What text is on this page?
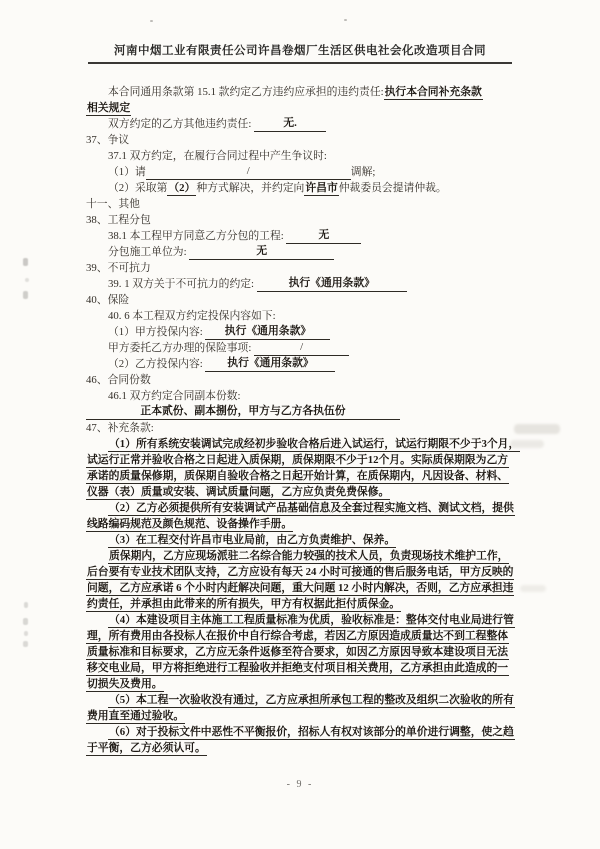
河南中烟工业有限责任公司许昌卷烟厂生活区供电社会化改造项目合同
本合同通用条款第 15.1 款约定乙方违约应承担的违约责任:执行本合同补充条款
相关规定
双方约定的乙方其他违约责任:	无.
37、争议
37.1 双方约定，在履行合同过程中产生争议时:
（1）请	/	调解;
（2）采取第（2）种方式解决，并约定向许昌市仲裁委员会提请仲裁。
十一、其他
38、工程分包
38.1 本工程甲方同意乙方分包的工程:	无
分包施工单位为:	无
39、不可抗力
39. 1 双方关于不可抗力的约定:	执行《通用条款》
40、保险
40. 6 本工程双方约定投保内容如下:
（1）甲方投保内容: 执行《通用条款》
甲方委托乙方办理的保险事项:	/
（2）乙方投保内容: 执行《通用条款》
46、合同份数
46.1 双方约定合同副本份数:
正本贰份、副本捌份，甲方与乙方各执伍份
47、补充条款:
（1）所有系统安装调试完成经初步验收合格后进入试运行，试运行期限不少于3个月，
试运行正常并验收合格之日起进入质保期，质保期限不少于12个月。实际质保期限为乙方
承诺的质量保修期，质保期自验收合格之日起开始计算，在质保期内，凡因设备、材料、
仪器（表）质量或安装、调试质量问题，乙方应负责免费保修。
（2）乙方必须提供所有安装调试产品基础信息及全套过程实施文档、测试文档，提供
线路编码规范及颜色规范、设备操作手册。
（3）在工程交付许昌市电业局前，由乙方负责维护、保养。
质保期内，乙方应现场派驻二名综合能力较强的技术人员，负责现场技术维护工作，
后台要有专业技术团队支持，乙方应设有每天 24 小时可接通的售后服务电话，甲方反映的
问题，乙方应承诺 6 个小时内赶解决问题，重大问题 12 小时内解决，否则，乙方应承担违
约责任，并承担由此带来的所有损失，甲方有权据此拒付质保金。
（4）本建设项目主体施工工程质量标准为优质，验收标准是：整体交付电业局进行管
理，所有费用由各投标人在报价中自行综合考虑，若因乙方原因造成质量达不到工程整体
质量标准和目标要求，乙方应无条件返修至符合要求，如因乙方原因导致本建设项目无法
移交电业局，甲方将拒绝进行工程验收并拒绝支付项目相关费用，乙方承担由此造成的一
切损失及费用。
（5）本工程一次验收没有通过，乙方应承担所承包工程的整改及组织二次验收的所有
费用直至通过验收。
（6）对于投标文件中恶性不平衡报价，招标人有权对该部分的单价进行调整，使之趋
于平衡，乙方必须认可。
- 9 -
